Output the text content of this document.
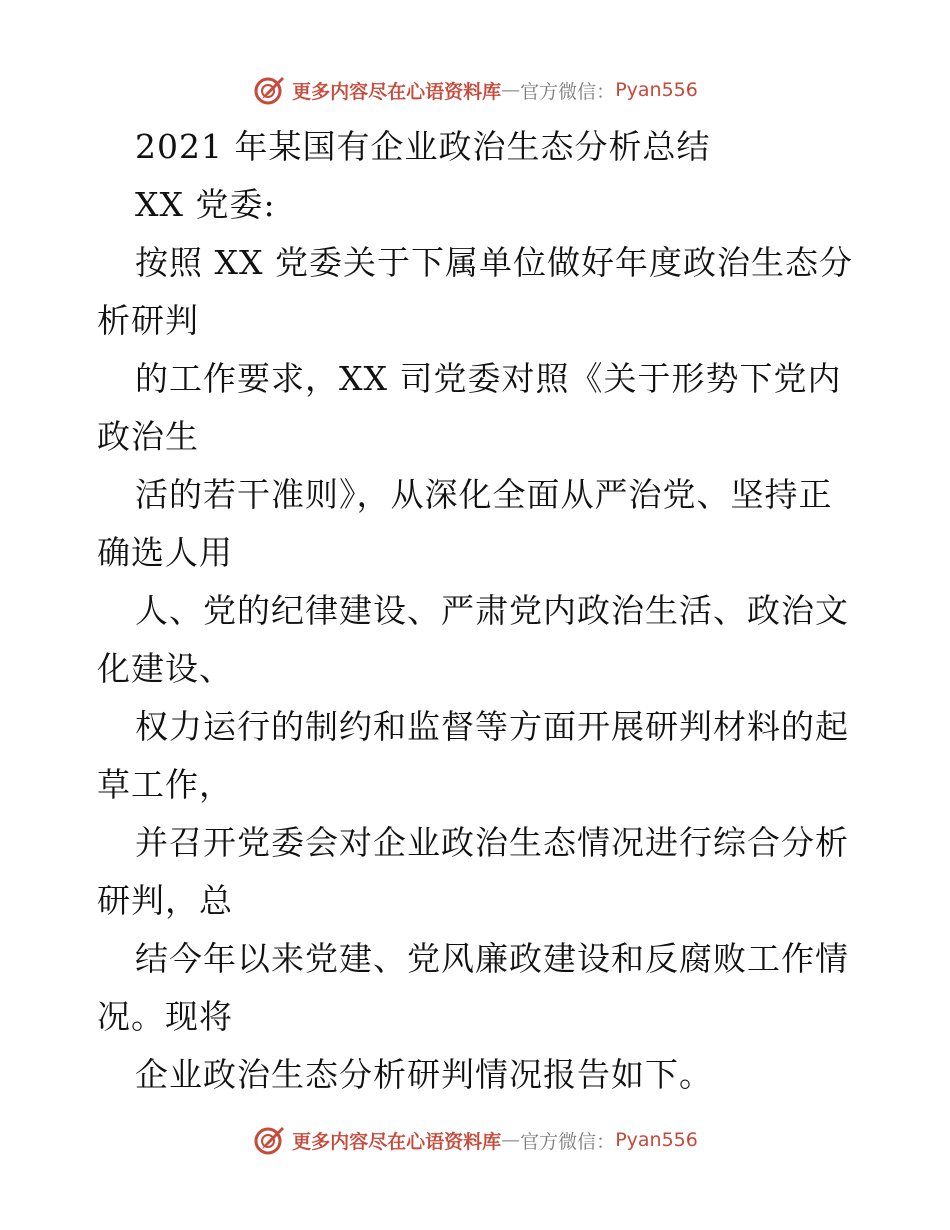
更多内容尽在心语资料库 — 官方微信： Pyan556
2021 年某国有企业政治生态分析总结
XX 党委:
按照 XX 党委关于下属单位做好年度政治生态分
析研判
的工作要求，XX 司党委对照《关于形势下党内
政治生
活的若干准则》，从深化全面从严治党、坚持正
确选人用
人、党的纪律建设、严肃党内政治生活、政治文
化建设、
权力运行的制约和监督等方面开展研判材料的起
草工作，
并召开党委会对企业政治生态情况进行综合分析
研判，总
结今年以来党建、党风廉政建设和反腐败工作情
况。现将
企业政治生态分析研判情况报告如下。
更多内容尽在心语资料库 — 官方微信： Pyan556
